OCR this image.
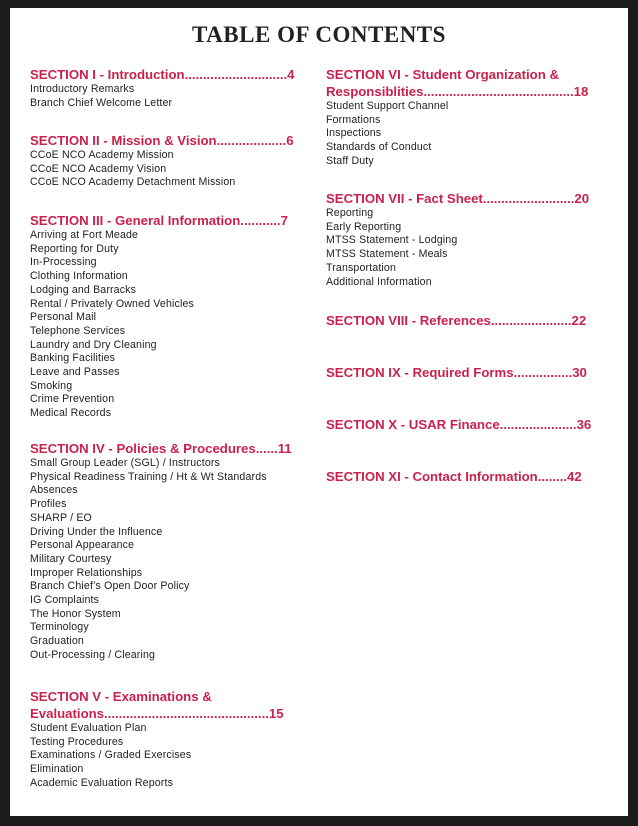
TABLE OF CONTENTS
SECTION I - Introduction............................4
Introductory Remarks
Branch Chief Welcome Letter
SECTION II - Mission & Vision...................6
CCoE NCO Academy Mission
CCoE NCO Academy Vision
CCoE NCO Academy Detachment Mission
SECTION III - General Information...........7
Arriving at Fort Meade
Reporting for Duty
In-Processing
Clothing Information
Lodging and Barracks
Rental / Privately Owned Vehicles
Personal Mail
Telephone Services
Laundry and Dry Cleaning
Banking Facilities
Leave and Passes
Smoking
Crime Prevention
Medical Records
SECTION IV - Policies & Procedures......11
Small Group Leader (SGL) / Instructors
Physical Readiness Training / Ht & Wt Standards
Absences
Profiles
SHARP / EO
Driving Under the Influence
Personal Appearance
Military Courtesy
Improper Relationships
Branch Chief’s Open Door Policy
IG Complaints
The Honor System
Terminology
Graduation
Out-Processing / Clearing
SECTION V - Examinations &
Evaluations.............................................15
Student Evaluation Plan
Testing Procedures
Examinations / Graded Exercises
Elimination
Academic Evaluation Reports
SECTION VI - Student Organization &
Responsiblities.........................................18
Student Support Channel
Formations
Inspections
Standards of Conduct
Staff Duty
SECTION VII - Fact Sheet.........................20
Reporting
Early Reporting
MTSS Statement - Lodging
MTSS Statement - Meals
Transportation
Additional Information
SECTION VIII - References......................22
SECTION IX - Required Forms................30
SECTION X - USAR Finance.....................36
SECTION XI - Contact Information........42
